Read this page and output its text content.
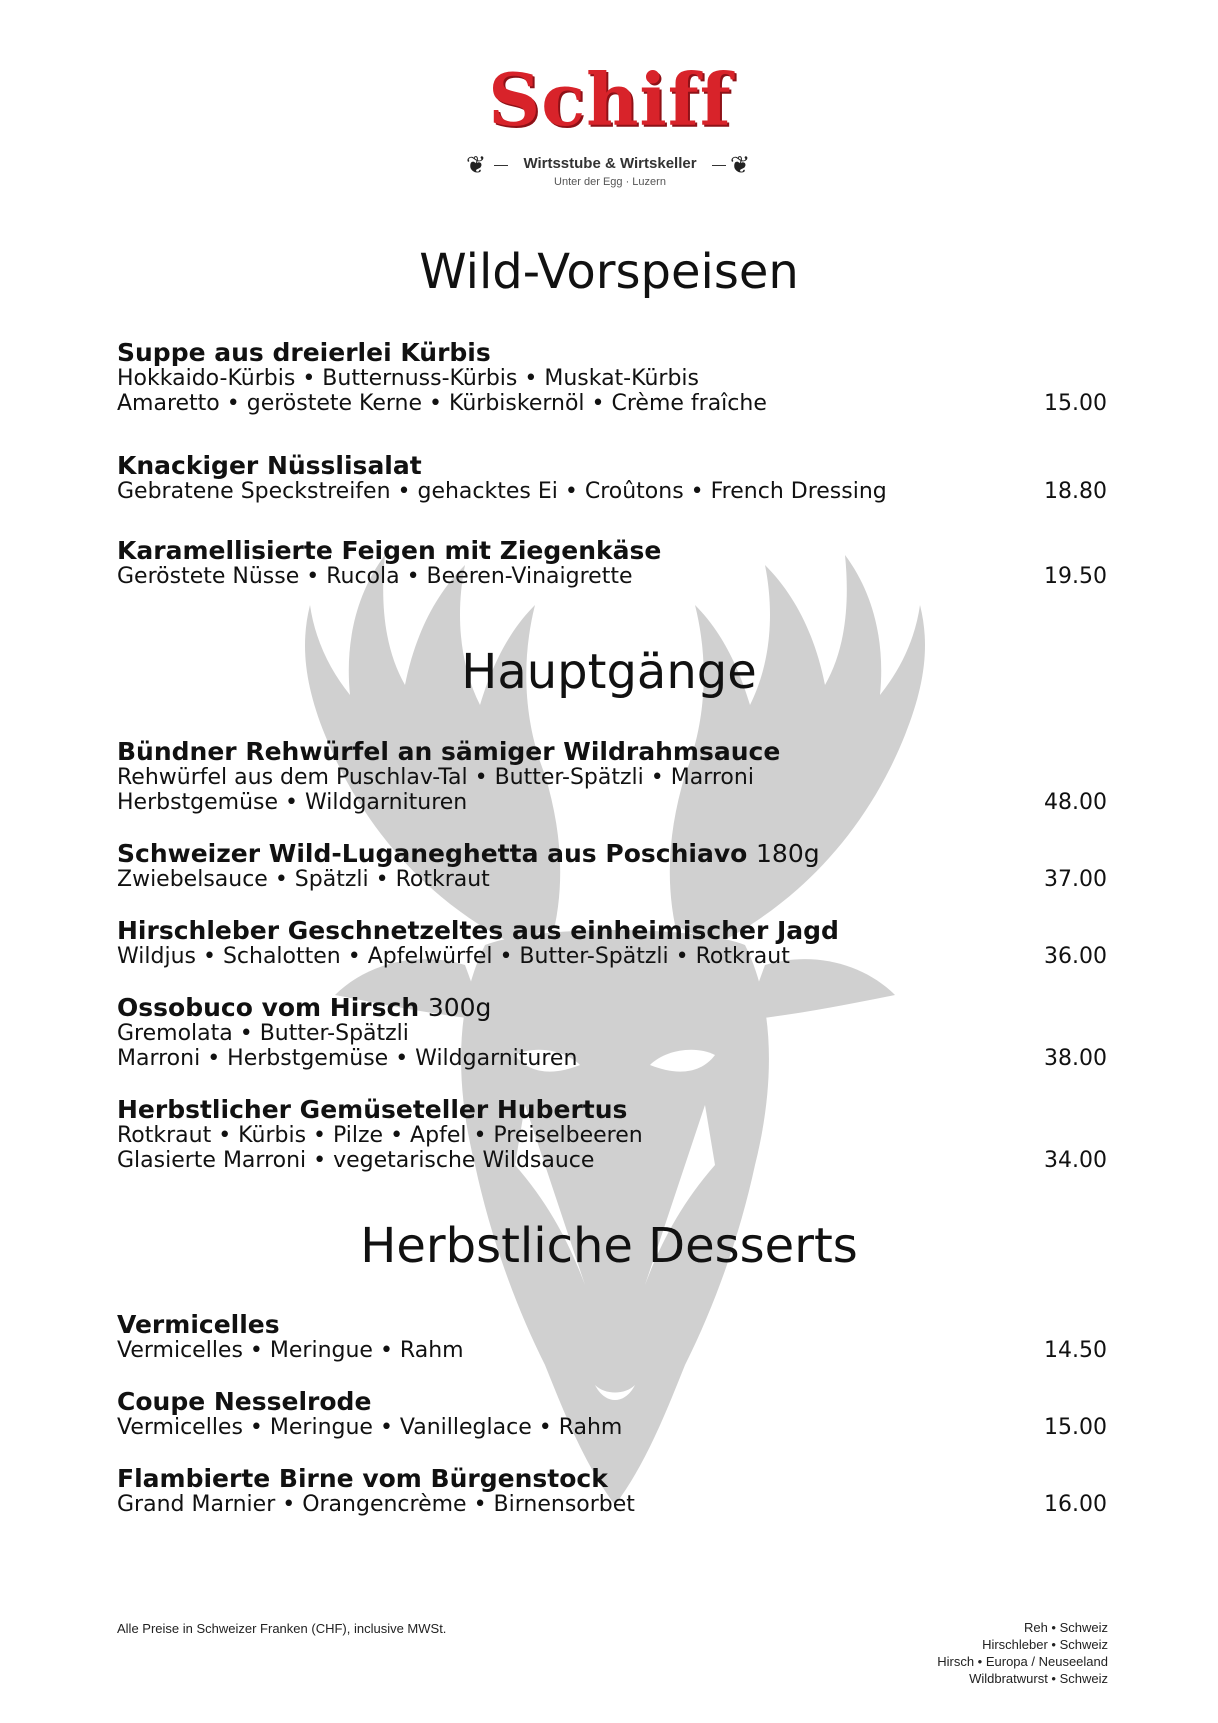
Schiff
❦	Wirtsstube & Wirtskeller	❦
Unter der Egg · Luzern
Wild-Vorspeisen
Suppe aus dreierlei Kürbis
Hokkaido-Kürbis • Butternuss-Kürbis • Muskat-Kürbis
Amaretto • geröstete Kerne • Kürbiskernöl • Crème fraîche	15.00
Knackiger Nüsslisalat
Gebratene Speckstreifen • gehacktes Ei • Croûtons • French Dressing	18.80
Karamellisierte Feigen mit Ziegenkäse
Geröstete Nüsse • Rucola • Beeren-Vinaigrette	19.50
Hauptgänge
Bündner Rehwürfel an sämiger Wildrahmsauce
Rehwürfel aus dem Puschlav-Tal • Butter-Spätzli • Marroni
Herbstgemüse • Wildgarnituren	48.00
Schweizer Wild-Luganeghetta aus Poschiavo 180g
Zwiebelsauce • Spätzli • Rotkraut	37.00
Hirschleber Geschnetzeltes aus einheimischer Jagd
Wildjus • Schalotten • Apfelwürfel • Butter-Spätzli • Rotkraut	36.00
Ossobuco vom Hirsch 300g
Gremolata • Butter-Spätzli
Marroni • Herbstgemüse • Wildgarnituren	38.00
Herbstlicher Gemüseteller Hubertus
Rotkraut • Kürbis • Pilze • Apfel • Preiselbeeren
Glasierte Marroni • vegetarische Wildsauce	34.00
Herbstliche Desserts
Vermicelles
Vermicelles • Meringue • Rahm	14.50
Coupe Nesselrode
Vermicelles • Meringue • Vanilleglace • Rahm	15.00
Flambierte Birne vom Bürgenstock
Grand Marnier • Orangencrème • Birnensorbet	16.00
Alle Preise in Schweizer Franken (CHF), inclusive MWSt.	Reh • Schweiz
Hirschleber • Schweiz
Hirsch • Europa / Neuseeland
Wildbratwurst • Schweiz
